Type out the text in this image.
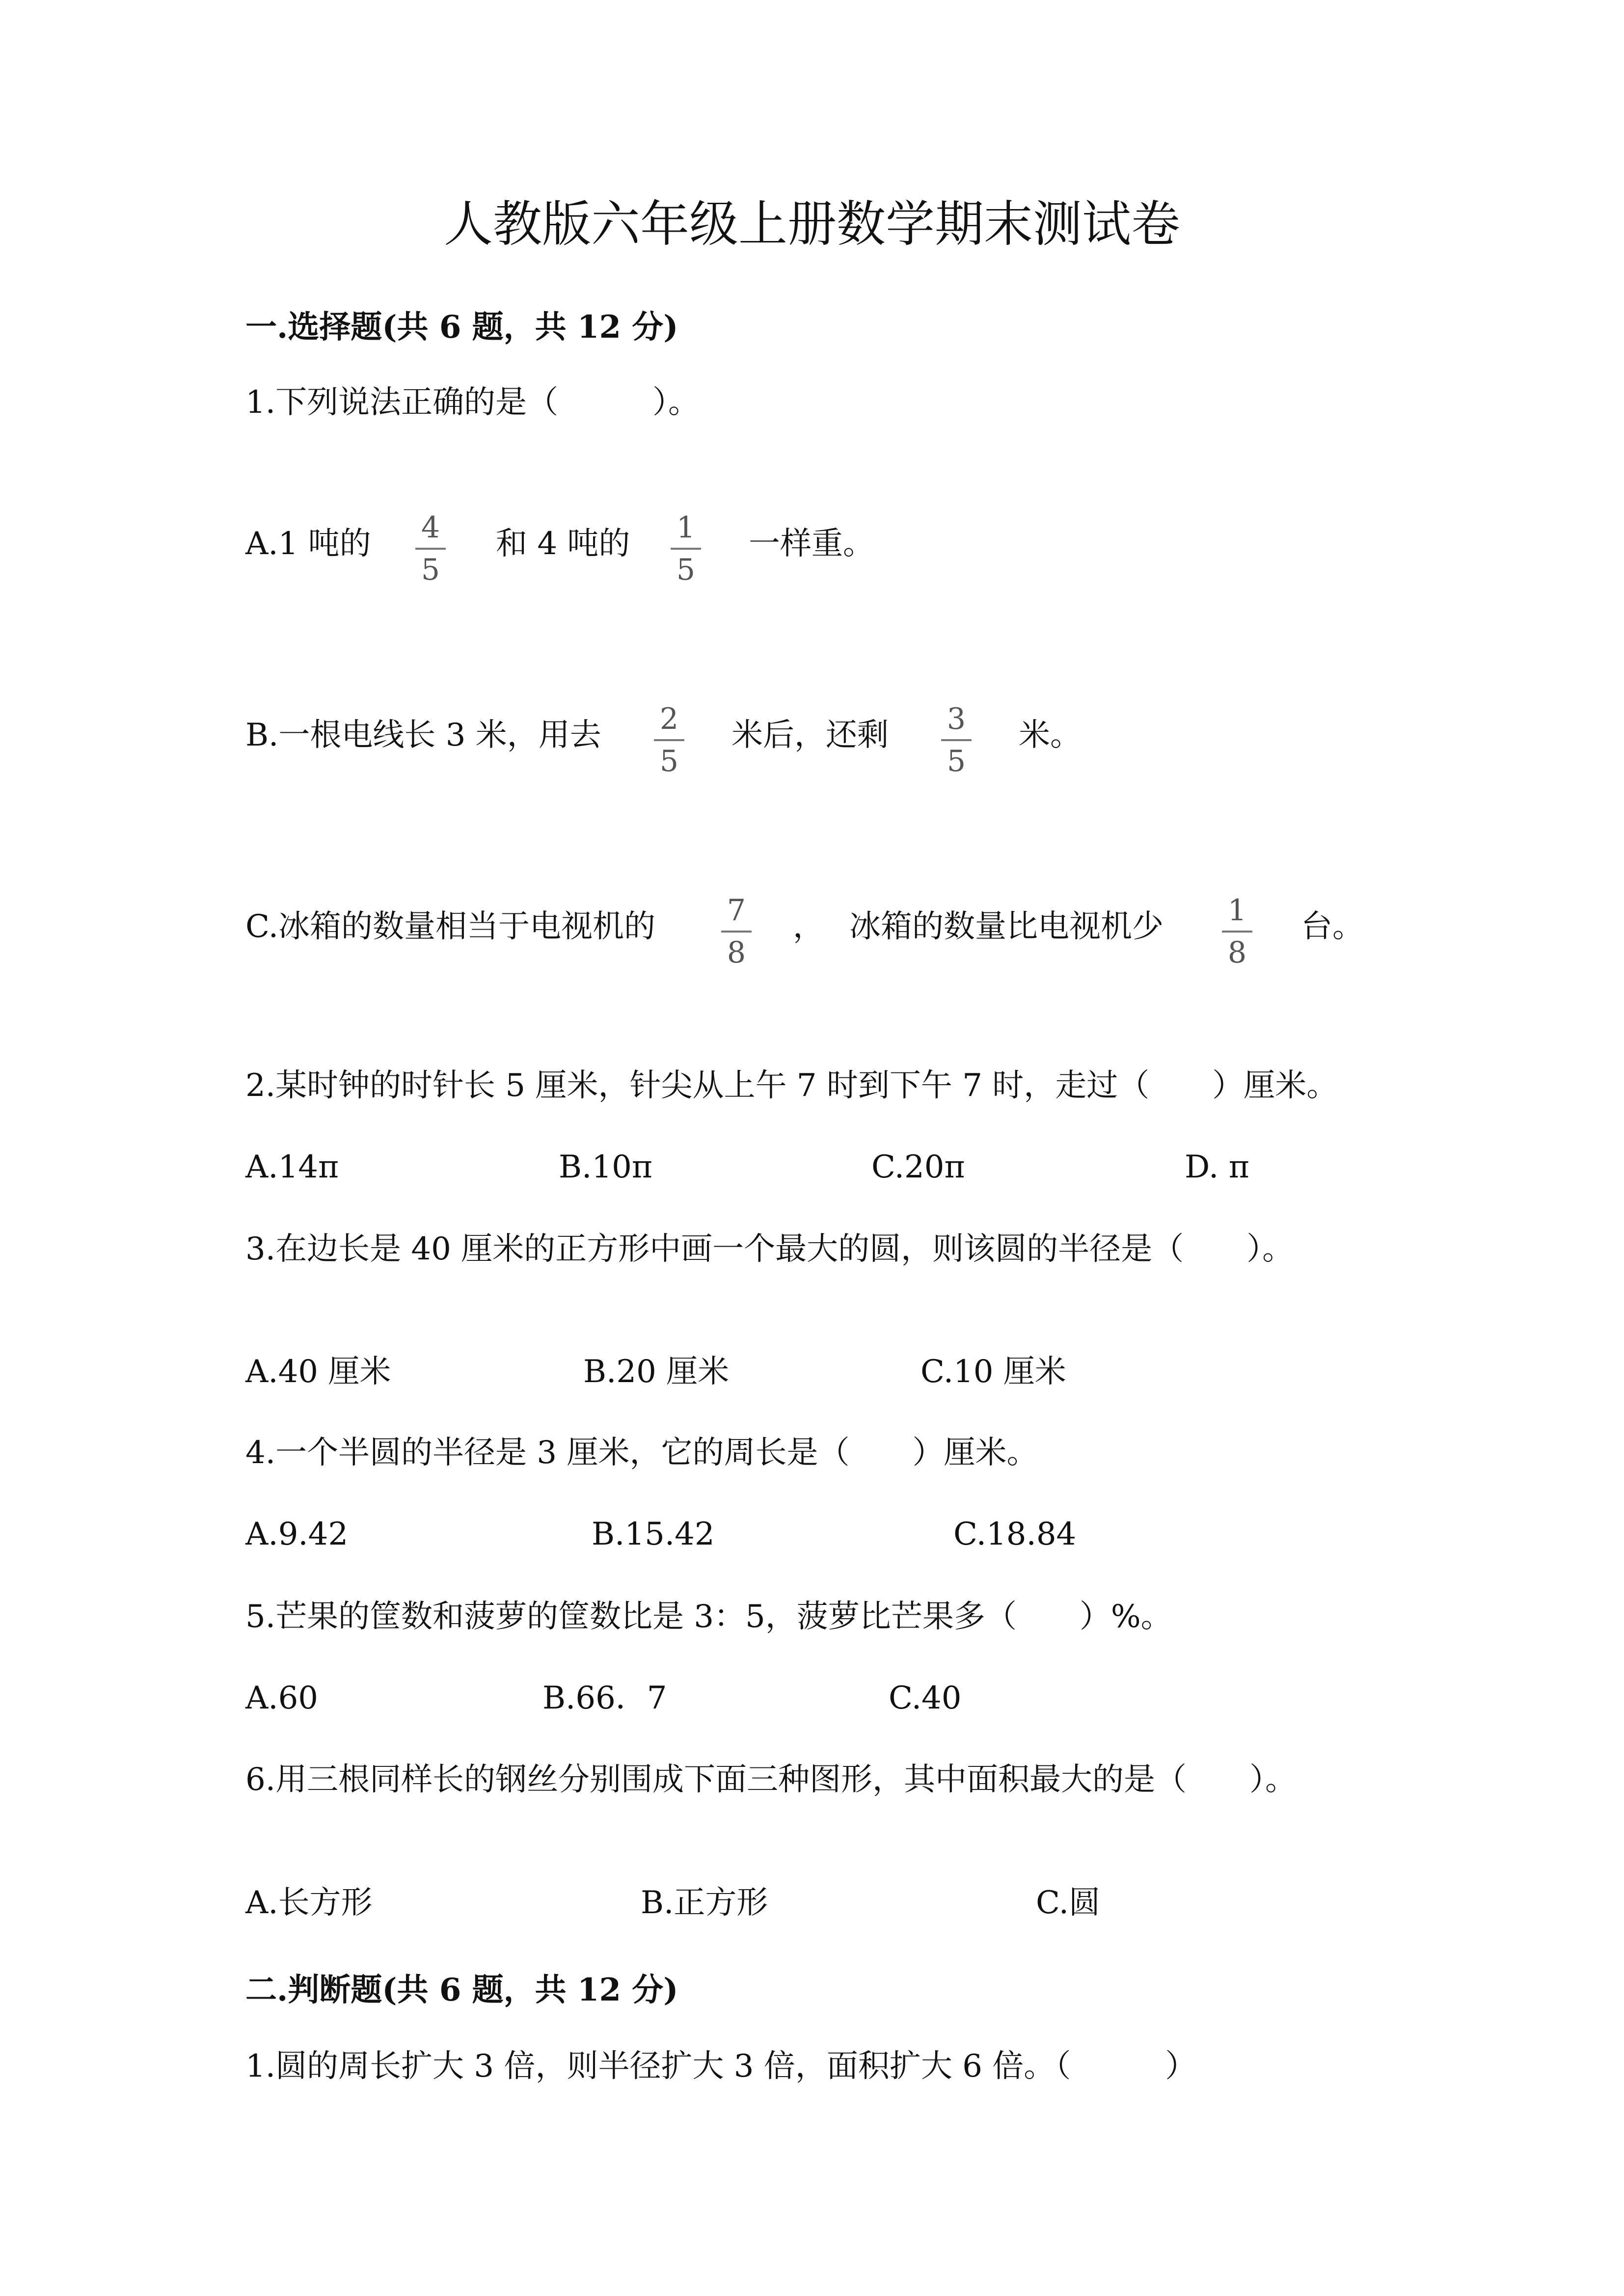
人教版六年级上册数学期末测试卷
一.选择题(共 6 题，共 12 分)
1.下列说法正确的是（　　　）。
A.1 吨的	4
5
和 4 吨的	1
5
一样重。
B.一根电线长 3 米，用去	2
5
米后，还剩	3
5
米。
C.冰箱的数量相当于电视机的	7
8
， 冰箱的数量比电视机少	1
8
台。
2.某时钟的时针长 5 厘米，针尖从上午 7 时到下午 7 时，走过（　　）厘米。
A.14π	B.10π	C.20π	D. π
3.在边长是 40 厘米的正方形中画一个最大的圆，则该圆的半径是（　　）。
A.40 厘米	B.20 厘米	C.10 厘米
4.一个半圆的半径是 3 厘米，它的周长是（　　）厘米。
A.9.42	B.15.42	C.18.84
5.芒果的筐数和菠萝的筐数比是 3：5，菠萝比芒果多（　　）%。
A.60	B.66．7	C.40
6.用三根同样长的钢丝分别围成下面三种图形，其中面积最大的是（　　）。
A.长方形	B.正方形	C.圆
二.判断题(共 6 题，共 12 分)
1.圆的周长扩大 3 倍，则半径扩大 3 倍，面积扩大 6 倍。（　　　）
